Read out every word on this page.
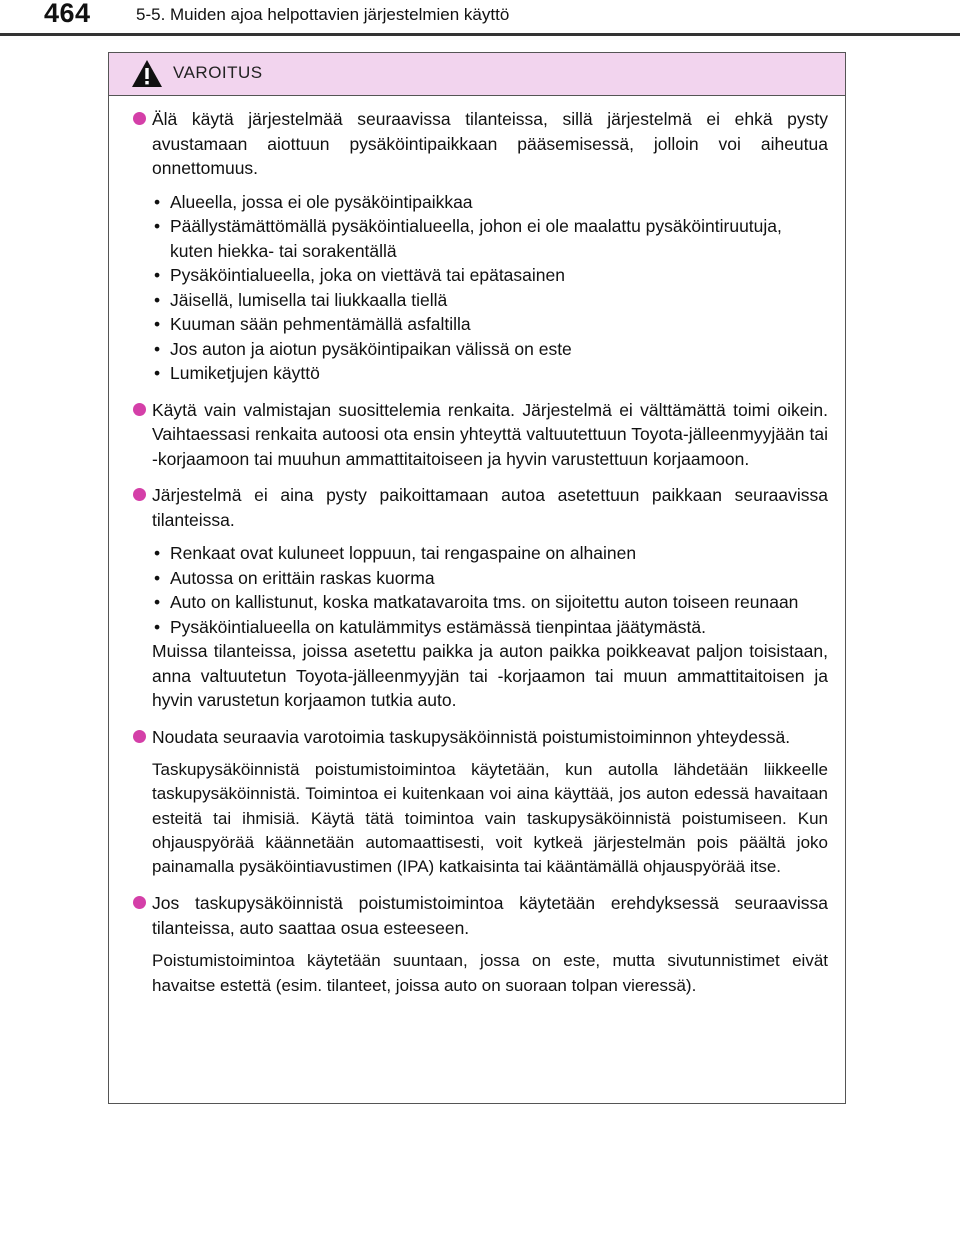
464	5-5. Muiden ajoa helpottavien järjestelmien käyttö
VAROITUS

Älä käytä järjestelmää seuraavissa tilanteissa, sillä järjestelmä ei ehkä pysty avustamaan aiottuun pysäköintipaikkaan pääsemisessä, jolloin voi aiheutua onnettomuus.

• Alueella, jossa ei ole pysäköintipaikkaa
• Päällystämättömällä pysäköintialueella, johon ei ole maalattu pysäköintiruutuja, kuten hiekka- tai sorakentällä
• Pysäköintialueella, joka on viettävä tai epätasainen
• Jäisellä, lumisella tai liukkaalla tiellä
• Kuuman sään pehmentämällä asfaltilla
• Jos auton ja aiotun pysäköintipaikan välissä on este
• Lumiketjujen käyttö

Käytä vain valmistajan suosittelemia renkaita. Järjestelmä ei välttämättä toimi oikein. Vaihtaessasi renkaita autoosi ota ensin yhteyttä valtuutettuun Toyota-jälleenmyyjään tai -korjaamoon tai muuhun ammattitaitoiseen ja hyvin varustettuun korjaamoon.

Järjestelmä ei aina pysty paikoittamaan autoa asetettuun paikkaan seuraavissa tilanteissa.

• Renkaat ovat kuluneet loppuun, tai rengaspaine on alhainen
• Autossa on erittäin raskas kuorma
• Auto on kallistunut, koska matkatavaroita tms. on sijoitettu auton toiseen reunaan
• Pysäköintialueella on katulämmitys estämässä tienpintaa jäätymästä.

Muissa tilanteissa, joissa asetettu paikka ja auton paikka poikkeavat paljon toisistaan, anna valtuutetun Toyota-jälleenmyyjän tai -korjaamon tai muun ammattitaitoisen ja hyvin varustetun korjaamon tutkia auto.

Noudata seuraavia varotoimia taskupysäköinnistä poistumistoiminnon yhteydessä.

Taskupysäköinnistä poistumistoimintoa käytetään, kun autolla lähdetään liikkeelle taskupysäköinnistä. Toimintoa ei kuitenkaan voi aina käyttää, jos auton edessä havaitaan esteitä tai ihmisiä. Käytä tätä toimintoa vain taskupysäköinnistä poistumiseen. Kun ohjauspyörää käännetään automaattisesti, voit kytkeä järjestelmän pois päältä joko painamalla pysäköintiavustimen (IPA) katkaisinta tai kääntämällä ohjauspyörää itse.

Jos taskupysäköinnistä poistumistoimintoa käytetään erehdyksessä seuraavissa tilanteissa, auto saattaa osua esteeseen.

Poistumistoimintoa käytetään suuntaan, jossa on este, mutta sivutunnistimet eivät havaitse estettä (esim. tilanteet, joissa auto on suoraan tolpan vieressä).
